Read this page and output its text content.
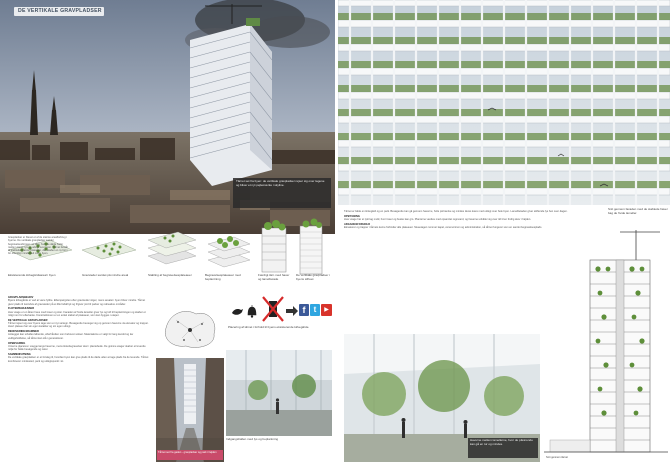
DE VERTIKALE GRAVPLADSER
Tårnet set fra byen: de vertikale gravpladser rejser sig over tagene og bliver et nyt pejlemærke i skyline.
Eksisterende kirkegårdsareal i byen	Gravsteder samlet på mindre areal	Stabling af begravelsesplateauer	Begravelsesplateauer med beplantning
Færdigt tårn med haver og lamelfacade
De vertikale gravpladser i byens silhuet
Gravpladser er blevet et af de største arealforbrug i byerne. De vertikale gravpladser samler begravelsesformen i et tårn, hvor de døde hviler mellem træer, lys og udsigt over byen. Tårnet består af stablede grønne plateauer, der skaber en ny form for offentligt mindested midt i byen.

GRAVPLADSBEHOV
Byens kirkegårde er ved at være fyldte. Efterspørgslen efter gravsteder stiger, mens arealet i byen bliver mindre. Tårnet giver plads til tusindvis af gravsteder på et lille fodaftryk og frigiver jord til parker og rekreative områder.

FLOTEMSGRÆNSER
Hver etage er en åben have med træer og stier. Facaden af hvide lameller giver lys og luft til beplantningen og skaber et roligt rum for eftertanke. Konstruktionen er en enkel stabel af plateauer, som kan bygges i etaper.

DE VERTIKALE GRAVPLADSER
Tårnet rejser sig over byens tage som et nyt vartegn. Besøgende bevæger sig op gennem haverne via elevator og trapper. Hvert plateau har sin egen karakter og sin egen udsigt.

RENOVERINGSRAMMER
Anlægget kan udvides løbende, efterhånden som behovet vokser. Materialerne er valgt for lang levetid og lav vedligeholdelse, så tårnet kan stå i generationer.

OPBEVARING
Urnerne placeres i vægge langs haverne, mens kistebegravelser sker i plantebede. De grønne etager skaber et levende miljø for både besøgende og natur.

SAMMENFATNING
De vertikale gravpladser er et forslag til, hvordan byen kan give plads til de døde uden at tage plads fra de levende. Tårnet kombinerer mindested, park og udsigtspunkt i ét.

Placering af tårnet i forhold til byens eksisterende kirkegårde.
f	t	▶
Tårnet set fra gaden - gravpladser og park i højden
Indgangshallen med lys og beplantning
Snit gennem facaden med de stablede haver bag de hvide lameller.

Tårnet er både en kirkegård og en park. Besøgende kan gå gennem haverne, hvile på bænke og mindes deres kære med udsigt over hele byen. Lamelfacaden giver skiftende lys hen over dagen.

OPBYGNING
Hver etage har et tykt lag muld, hvor træer og buske kan gro. Planterne vandes med opsamlet regnvand, og haverne udvikler sig over tid til en frodig skov i højden.

ADGANGSFORHOLD
Elevatorer og trapper i tårnets kerne forbinder alle plateauer. Stueetagen rummer kapel, ceremonirum og administration, så tårnet fungerer som en samlet begravelsesplads.

Haverne mellem lamellerne, hvor de pårørende kan gå en tur og mindes.
Snit gennem tårnet
